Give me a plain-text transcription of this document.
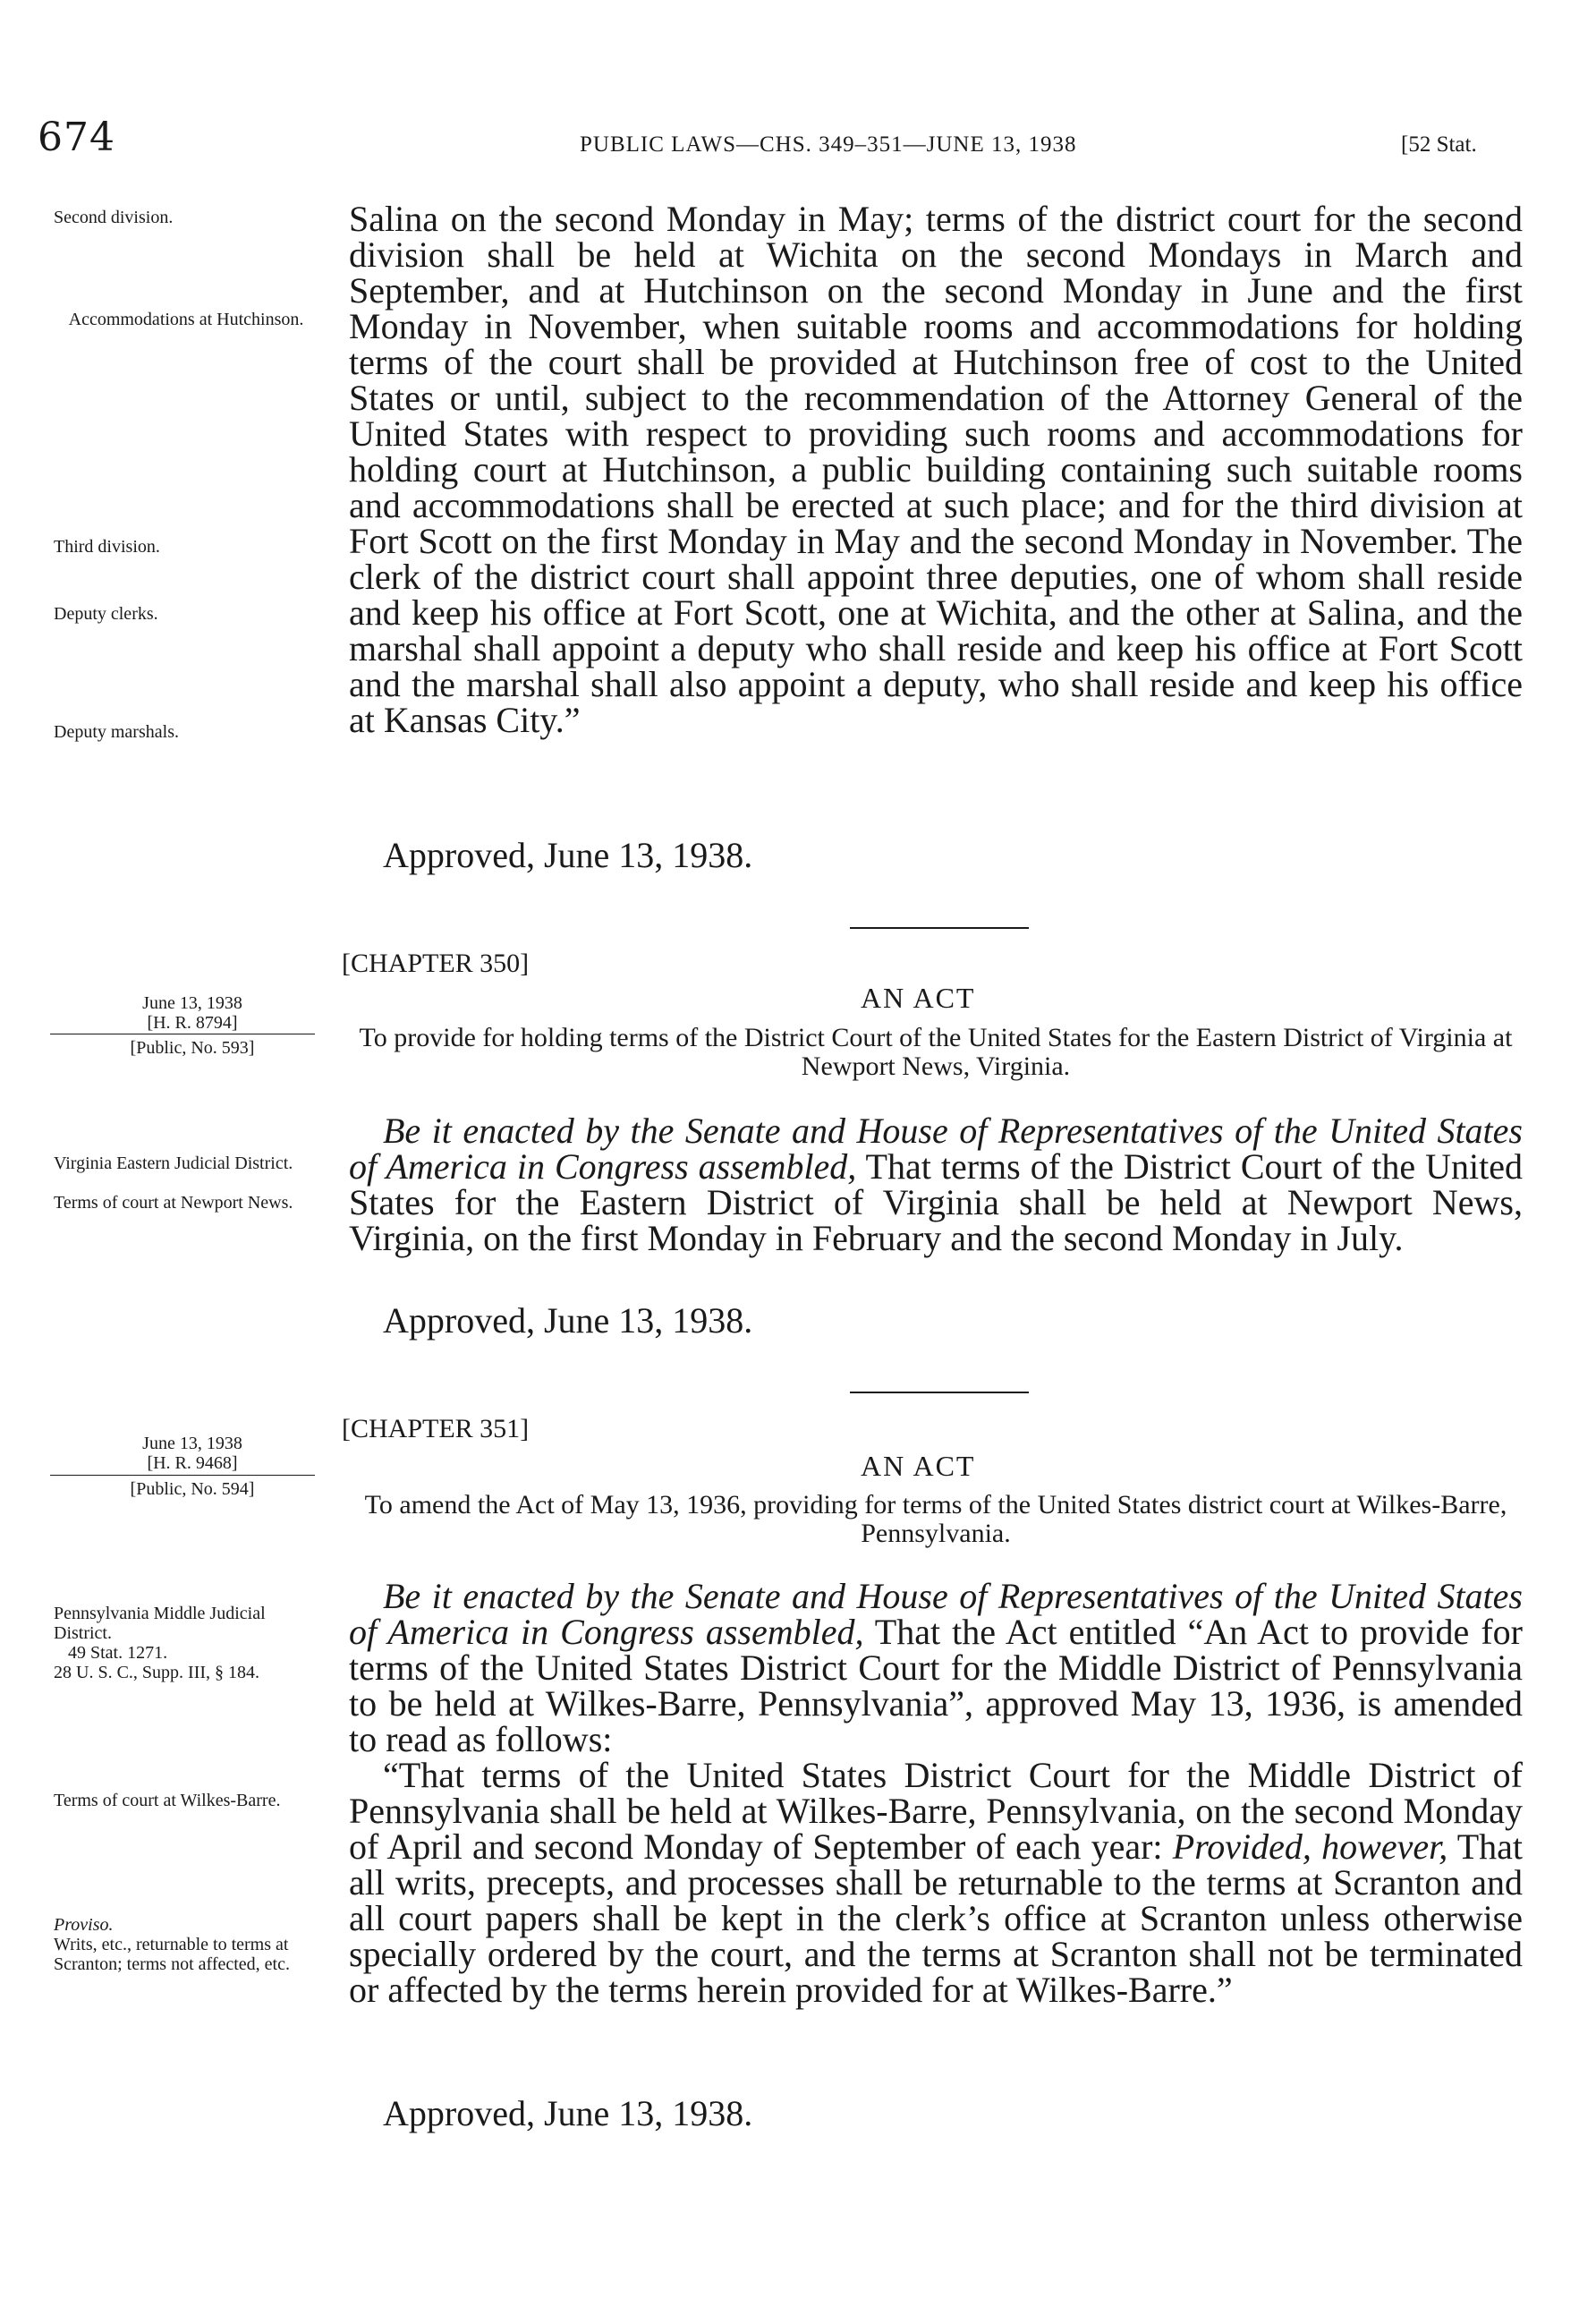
674	PUBLIC LAWS—CHS. 349–351—JUNE 13, 1938	[52 Stat.
Second division.
Accommodations at Hutchinson.
Third division.
Deputy clerks.
Deputy marshals.

Salina on the second Monday in May; terms of the district court for the second division shall be held at Wichita on the second Mondays in March and September, and at Hutchinson on the second Monday in June and the first Monday in November, when suitable rooms and accommodations for holding terms of the court shall be provided at Hutchinson free of cost to the United States or until, subject to the recommendation of the Attorney General of the United States with respect to providing such rooms and accommodations for holding court at Hutchinson, a public building containing such suitable rooms and accommodations shall be erected at such place; and for the third division at Fort Scott on the first Monday in May and the second Monday in November. The clerk of the district court shall appoint three deputies, one of whom shall reside and keep his office at Fort Scott, one at Wichita, and the other at Salina, and the marshal shall appoint a deputy who shall reside and keep his office at Fort Scott and the marshal shall also appoint a deputy, who shall reside and keep his office at Kansas City.”

Approved, June 13, 1938.
[CHAPTER 350]
AN ACT
June 13, 1938
[H. R. 8794]
[Public, No. 593]	To provide for holding terms of the District Court of the United States for the Eastern District of Virginia at Newport News, Virginia.
Virginia Eastern Judicial District.
Terms of court at Newport News.

Be it enacted by the Senate and House of Representatives of the United States of America in Congress assembled, That terms of the District Court of the United States for the Eastern District of Virginia shall be held at Newport News, Virginia, on the first Monday in February and the second Monday in July.

Approved, June 13, 1938.
[CHAPTER 351]
AN ACT
June 13, 1938
[H. R. 9468]
[Public, No. 594]
To amend the Act of May 13, 1936, providing for terms of the United States district court at Wilkes-Barre, Pennsylvania.
Pennsylvania Middle Judicial District.
49 Stat. 1271.
28 U. S. C., Supp. III, § 184.
Terms of court at Wilkes-Barre.
Proviso.
Writs, etc., returnable to terms at Scranton; terms not affected, etc.

Be it enacted by the Senate and House of Representatives of the United States of America in Congress assembled, That the Act entitled “An Act to provide for terms of the United States District Court for the Middle District of Pennsylvania to be held at Wilkes-Barre, Pennsylvania”, approved May 13, 1936, is amended to read as follows:

“That terms of the United States District Court for the Middle District of Pennsylvania shall be held at Wilkes-Barre, Pennsylvania, on the second Monday of April and second Monday of September of each year: Provided, however, That all writs, precepts, and processes shall be returnable to the terms at Scranton and all court papers shall be kept in the clerk’s office at Scranton unless otherwise specially ordered by the court, and the terms at Scranton shall not be terminated or affected by the terms herein provided for at Wilkes-Barre.”

Approved, June 13, 1938.
